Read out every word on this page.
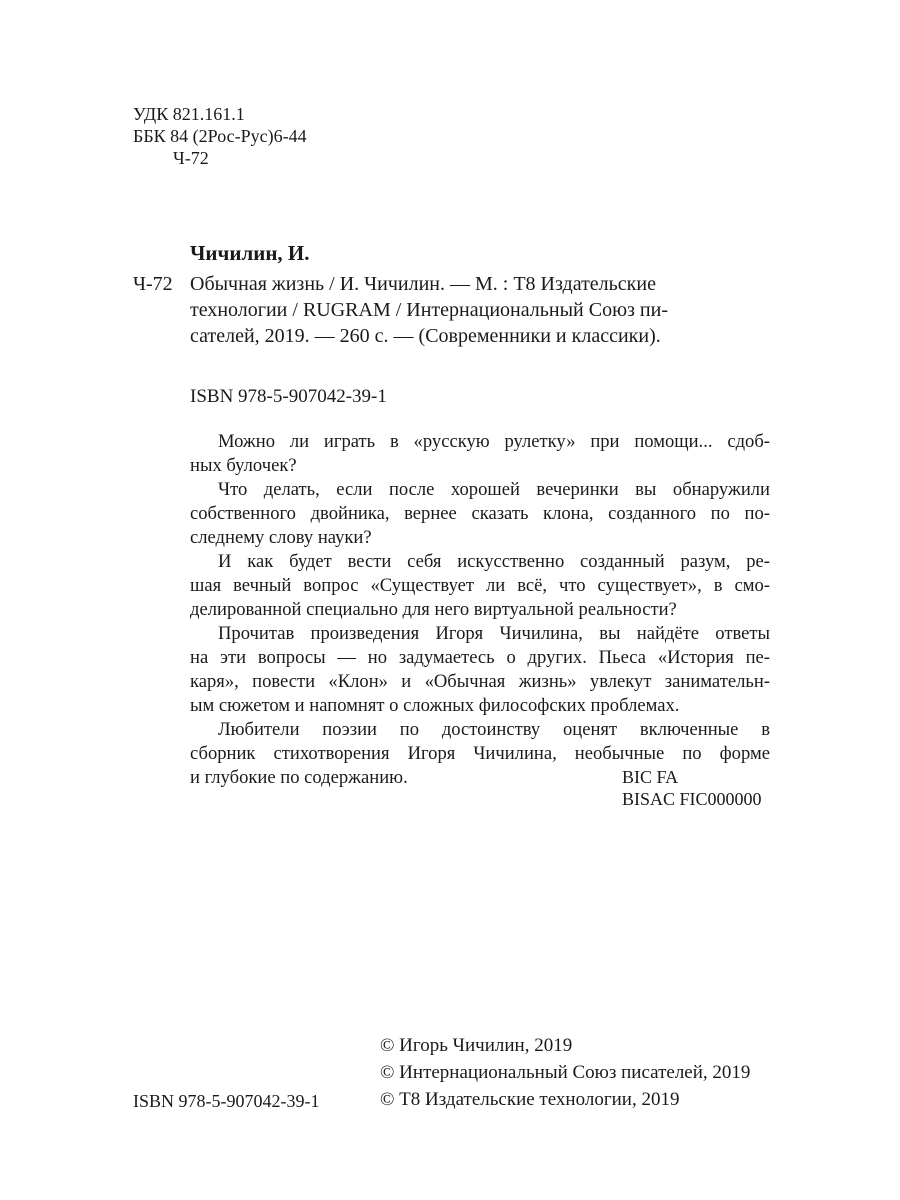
УДК 821.161.1
ББК 84 (2Рос-Рус)6-44
Ч-72
Чичилин, И.
Ч-72 Обычная жизнь / И. Чичилин. — М. : Т8 Издательские
технологии / RUGRAM / Интернациональный Союз пи-
сателей, 2019. — 260 с. — (Современники и классики).
ISBN 978-5-907042-39-1
Можно ли играть в «русскую рулетку» при помощи... сдоб-
ных булочек?
Что делать, если после хорошей вечеринки вы обнаружили
собственного двойника, вернее сказать клона, созданного по по-
следнему слову науки?
И как будет вести себя искусственно созданный разум, ре-
шая вечный вопрос «Существует ли всё, что существует», в смо-
делированной специально для него виртуальной реальности?
Прочитав произведения Игоря Чичилина, вы найдёте ответы
на эти вопросы — но задумаетесь о других. Пьеса «История пе-
каря», повести «Клон» и «Обычная жизнь» увлекут занимательн-
ым сюжетом и напомнят о сложных философских проблемах.
Любители поэзии по достоинству оценят включенные в
сборник стихотворения Игоря Чичилина, необычные по форме
и глубокие по содержанию.	BIC FA
BISAC FIC000000
ISBN 978-5-907042-39-1
© Игорь Чичилин, 2019
© Интернациональный Союз писателей, 2019
© Т8 Издательские технологии, 2019
